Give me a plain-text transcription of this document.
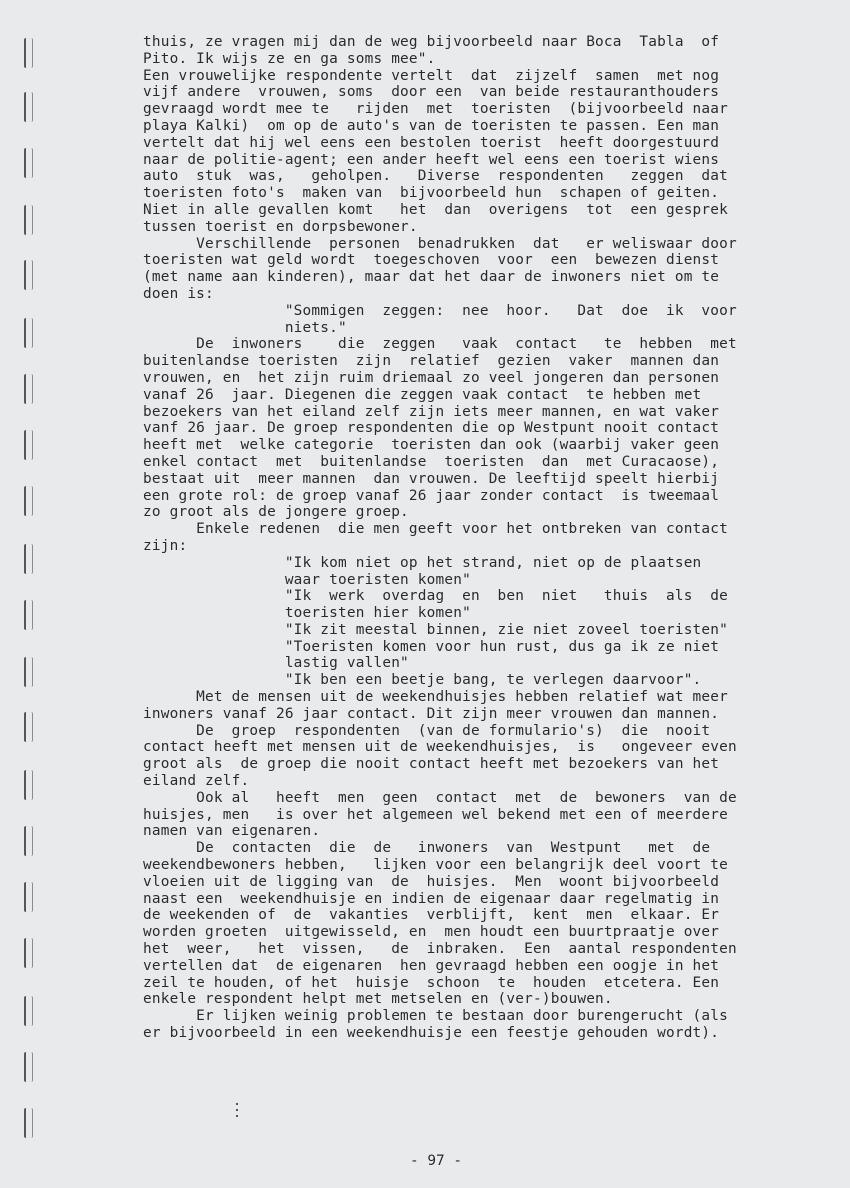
thuis, ze vragen mij dan de weg bijvoorbeeld naar Boca  Tabla  of
Pito. Ik wijs ze en ga soms mee".
Een vrouwelijke respondente vertelt  dat  zijzelf  samen  met nog
vijf andere  vrouwen, soms  door een  van beide restauranthouders
gevraagd wordt mee te   rijden  met  toeristen  (bijvoorbeeld naar
playa Kalki)  om op de auto's van de toeristen te passen. Een man
vertelt dat hij wel eens een bestolen toerist  heeft doorgestuurd
naar de politie-agent; een ander heeft wel eens een toerist wiens
auto  stuk  was,   geholpen.   Diverse  respondenten   zeggen  dat
toeristen foto's  maken van  bijvoorbeeld hun  schapen of geiten.
Niet in alle gevallen komt   het  dan  overigens  tot  een gesprek
tussen toerist en dorpsbewoner.
Verschillende  personen  benadrukken  dat   er weliswaar door
toeristen wat geld wordt  toegeschoven  voor  een  bewezen dienst
(met name aan kinderen), maar dat het daar de inwoners niet om te
doen is:
"Sommigen  zeggen:  nee  hoor.   Dat  doe  ik  voor
niets."
De  inwoners    die  zeggen   vaak  contact   te  hebben  met
buitenlandse toeristen  zijn  relatief  gezien  vaker  mannen dan
vrouwen, en  het zijn ruim driemaal zo veel jongeren dan personen
vanaf 26  jaar. Diegenen die zeggen vaak contact  te hebben met
bezoekers van het eiland zelf zijn iets meer mannen, en wat vaker
vanf 26 jaar. De groep respondenten die op Westpunt nooit contact
heeft met  welke categorie  toeristen dan ook (waarbij vaker geen
enkel contact  met  buitenlandse  toeristen  dan  met Curacaose),
bestaat uit  meer mannen  dan vrouwen. De leeftijd speelt hierbij
een grote rol: de groep vanaf 26 jaar zonder contact  is tweemaal
zo groot als de jongere groep.
Enkele redenen  die men geeft voor het ontbreken van contact
zijn:
"Ik kom niet op het strand, niet op de plaatsen
waar toeristen komen"
"Ik  werk  overdag  en  ben  niet   thuis  als  de
toeristen hier komen"
"Ik zit meestal binnen, zie niet zoveel toeristen"
"Toeristen komen voor hun rust, dus ga ik ze niet
lastig vallen"
"Ik ben een beetje bang, te verlegen daarvoor".
Met de mensen uit de weekendhuisjes hebben relatief wat meer
inwoners vanaf 26 jaar contact. Dit zijn meer vrouwen dan mannen.
De  groep  respondenten  (van de formulario's)  die  nooit
contact heeft met mensen uit de weekendhuisjes,  is   ongeveer even
groot als  de groep die nooit contact heeft met bezoekers van het
eiland zelf.
Ook al   heeft  men  geen  contact  met  de  bewoners  van de
huisjes, men   is over het algemeen wel bekend met een of meerdere
namen van eigenaren.
De  contacten  die  de   inwoners  van  Westpunt   met  de
weekendbewoners hebben,   lijken voor een belangrijk deel voort te
vloeien uit de ligging van  de  huisjes.  Men  woont bijvoorbeeld
naast een  weekendhuisje en indien de eigenaar daar regelmatig in
de weekenden of  de  vakanties  verblijft,  kent  men  elkaar. Er
worden groeten  uitgewisseld, en  men houdt een buurtpraatje over
het  weer,   het  vissen,   de  inbraken.  Een  aantal respondenten
vertellen dat  de eigenaren  hen gevraagd hebben een oogje in het
zeil te houden, of het  huisje  schoon  te  houden  etcetera. Een
enkele respondent helpt met metselen en (ver-)bouwen.
Er lijken weinig problemen te bestaan door burengerucht (als
er bijvoorbeeld in een weekendhuisje een feestje gehouden wordt).
- 97 -
